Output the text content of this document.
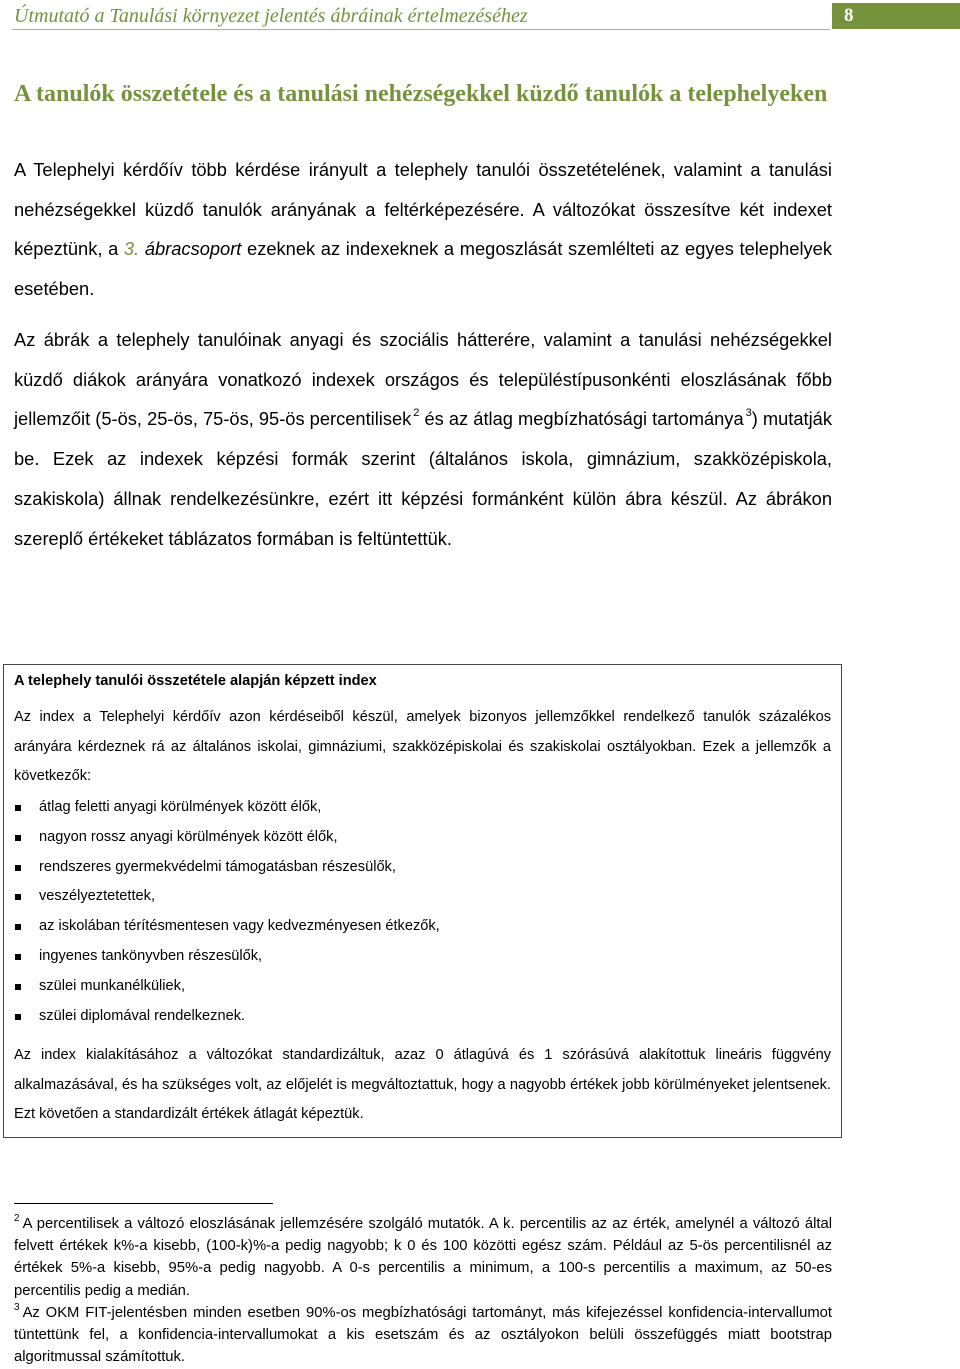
Útmutató a Tanulási környezet jelentés ábráinak értelmezéséhez	8
A tanulók összetétele és a tanulási nehézségekkel küzdő tanulók a telephelyeken
A Telephelyi kérdőív több kérdése irányult a telephely tanulói összetételének, valamint a tanulási nehézségekkel küzdő tanulók arányának a feltérképezésére. A változókat összesítve két indexet képeztünk, a 3. ábracsoport ezeknek az indexeknek a megoszlását szemlélteti az egyes telephelyek esetében.
Az ábrák a telephely tanulóinak anyagi és szociális hátterére, valamint a tanulási nehézségekkel küzdő diákok arányára vonatkozó indexek országos és településtípusonkénti eloszlásának főbb jellemzőit (5-ös, 25-ös, 75-ös, 95-ös percentilisek $^2$ és az átlag megbízhatósági tartománya $^3$) mutatják be. Ezek az indexek képzési formák szerint (általános iskola, gimnázium, szakközépiskola, szakiskola) állnak rendelkezésünkre, ezért itt képzési formánként külön ábra készül. Az ábrákon szereplő értékeket táblázatos formában is feltüntettük.
A telephely tanulói összetétele alapján képzett index
Az index a Telephelyi kérdőív azon kérdéseiből készül, amelyek bizonyos jellemzőkkel rendelkező tanulók százalékos arányára kérdeznek rá az általános iskolai, gimnáziumi, szakközépiskolai és szakiskolai osztályokban. Ezek a jellemzők a következők:
átlag feletti anyagi körülmények között élők,
nagyon rossz anyagi körülmények között élők,
rendszeres gyermekvédelmi támogatásban részesülők,
veszélyeztetettek,
az iskolában térítésmentesen vagy kedvezményesen étkezők,
ingyenes tankönyvben részesülők,
szülei munkanélküliek,
szülei diplomával rendelkeznek.
Az index kialakításához a változókat standardizáltuk, azaz 0 átlagúvá és 1 szórásúvá alakítottuk lineáris függvény alkalmazásával, és ha szükséges volt, az előjelét is megváltoztattuk, hogy a nagyobb értékek jobb körülményeket jelentsenek. Ezt követően a standardizált értékek átlagát képeztük.
$^2$ A percentilisek a változó eloszlásának jellemzésére szolgáló mutatók. A k. percentilis az az érték, amelynél a változó által felvett értékek k%-a kisebb, (100-k)%-a pedig nagyobb; k 0 és 100 közötti egész szám. Például az 5-ös percentilisnél az értékek 5%-a kisebb, 95%-a pedig nagyobb. A 0-s percentilis a minimum, a 100-s percentilis a maximum, az 50-es percentilis pedig a medián.
$^3$ Az OKM FIT-jelentésben minden esetben 90%-os megbízhatósági tartományt, más kifejezéssel konfidencia-intervallumot tüntettünk fel, a konfidencia-intervallumokat a kis esetszám és az osztályokon belüli összefüggés miatt bootstrap algoritmussal számítottuk.
